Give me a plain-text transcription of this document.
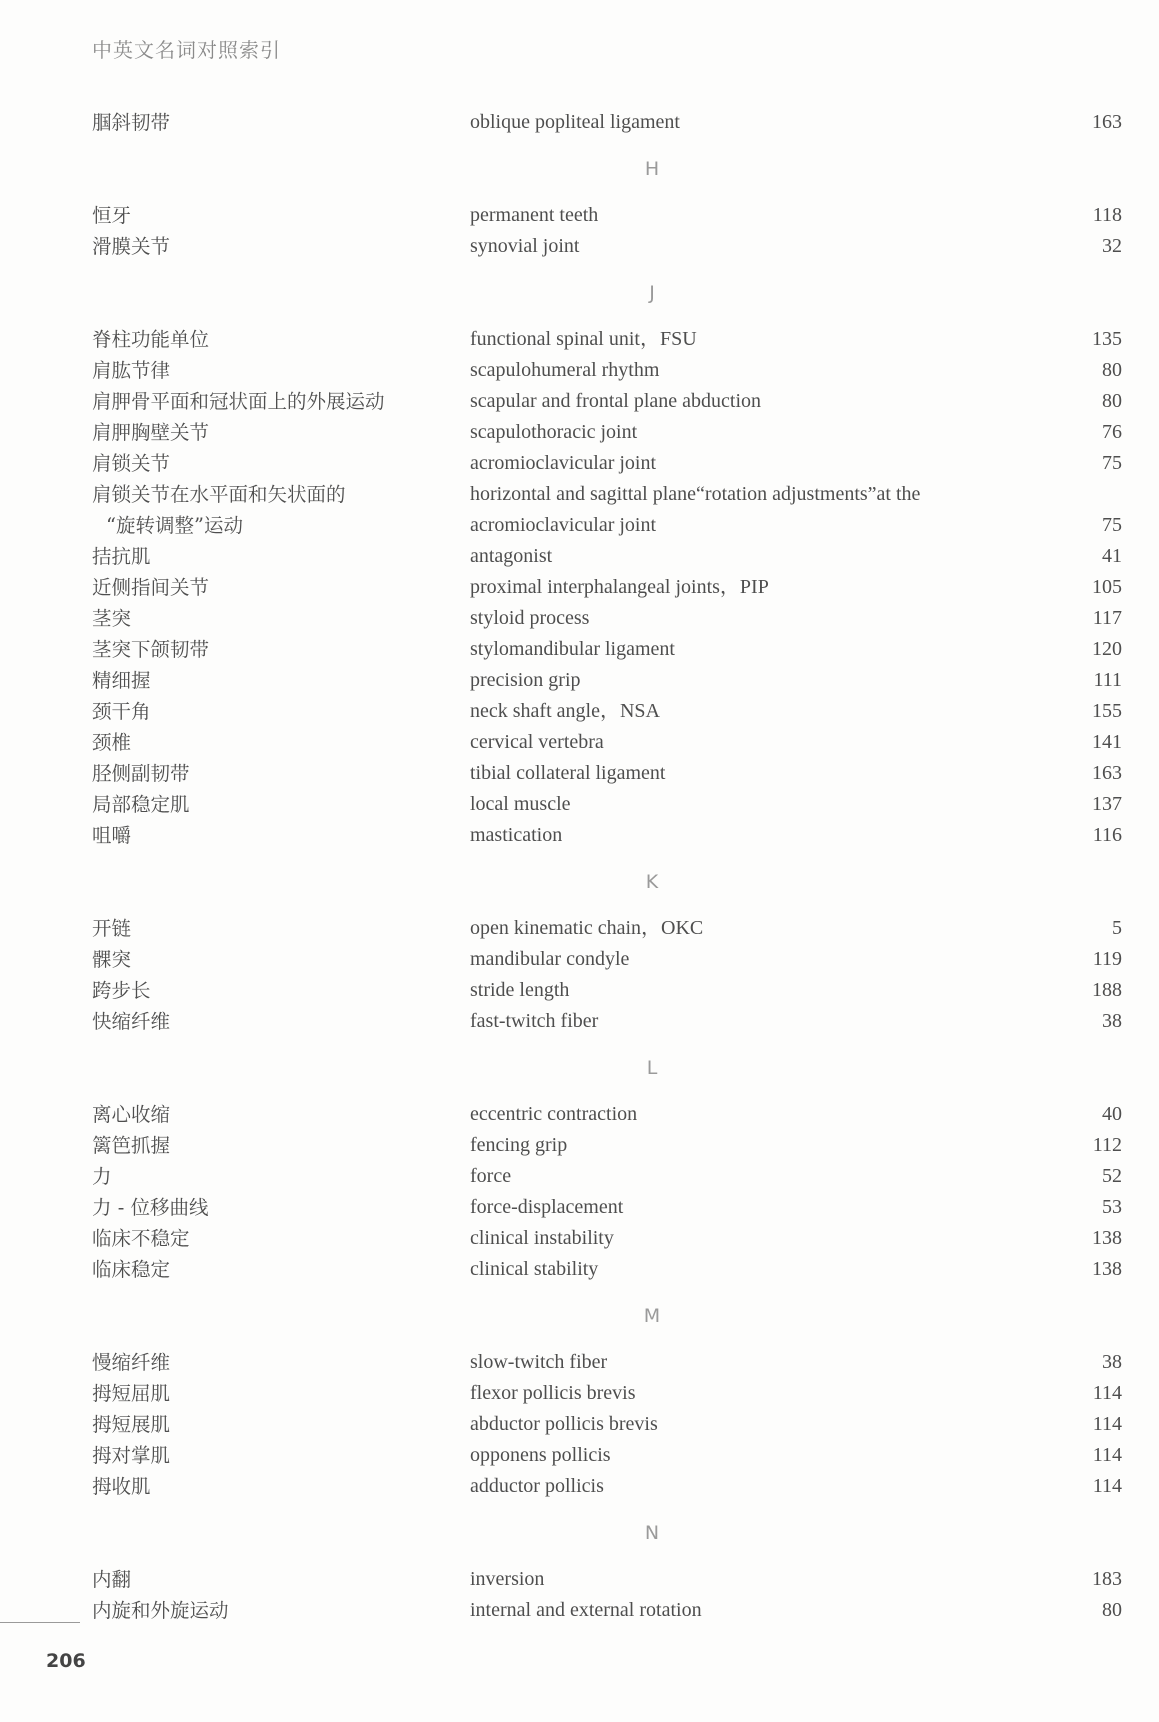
中英文名词对照索引
腘斜韧带	oblique popliteal ligament	163
H
恒牙	permanent teeth	118
滑膜关节	synovial joint	32
J
脊柱功能单位	functional spinal unit，FSU	135
肩肱节律	scapulohumeral rhythm	80
肩胛骨平面和冠状面上的外展运动	scapular and frontal plane abduction	80
肩胛胸壁关节	scapulothoracic joint	76
肩锁关节	acromioclavicular joint	75
肩锁关节在水平面和矢状面的	horizontal and sagittal plane“rotation adjustments”at the
“旋转调整”运动	acromioclavicular joint	75
拮抗肌	antagonist	41
近侧指间关节	proximal interphalangeal joints，PIP	105
茎突	styloid process	117
茎突下颌韧带	stylomandibular ligament	120
精细握	precision grip	111
颈干角	neck shaft angle，NSA	155
颈椎	cervical vertebra	141
胫侧副韧带	tibial collateral ligament	163
局部稳定肌	local muscle	137
咀嚼	mastication	116
K
开链	open kinematic chain，OKC	5
髁突	mandibular condyle	119
跨步长	stride length	188
快缩纤维	fast-twitch fiber	38
L
离心收缩	eccentric contraction	40
篱笆抓握	fencing grip	112
力	force	52
力 - 位移曲线	force-displacement	53
临床不稳定	clinical instability	138
临床稳定	clinical stability	138
M
慢缩纤维	slow-twitch fiber	38
拇短屈肌	flexor pollicis brevis	114
拇短展肌	abductor pollicis brevis	114
拇对掌肌	opponens pollicis	114
拇收肌	adductor pollicis	114
N
内翻	inversion	183
内旋和外旋运动	internal and external rotation	80
206
